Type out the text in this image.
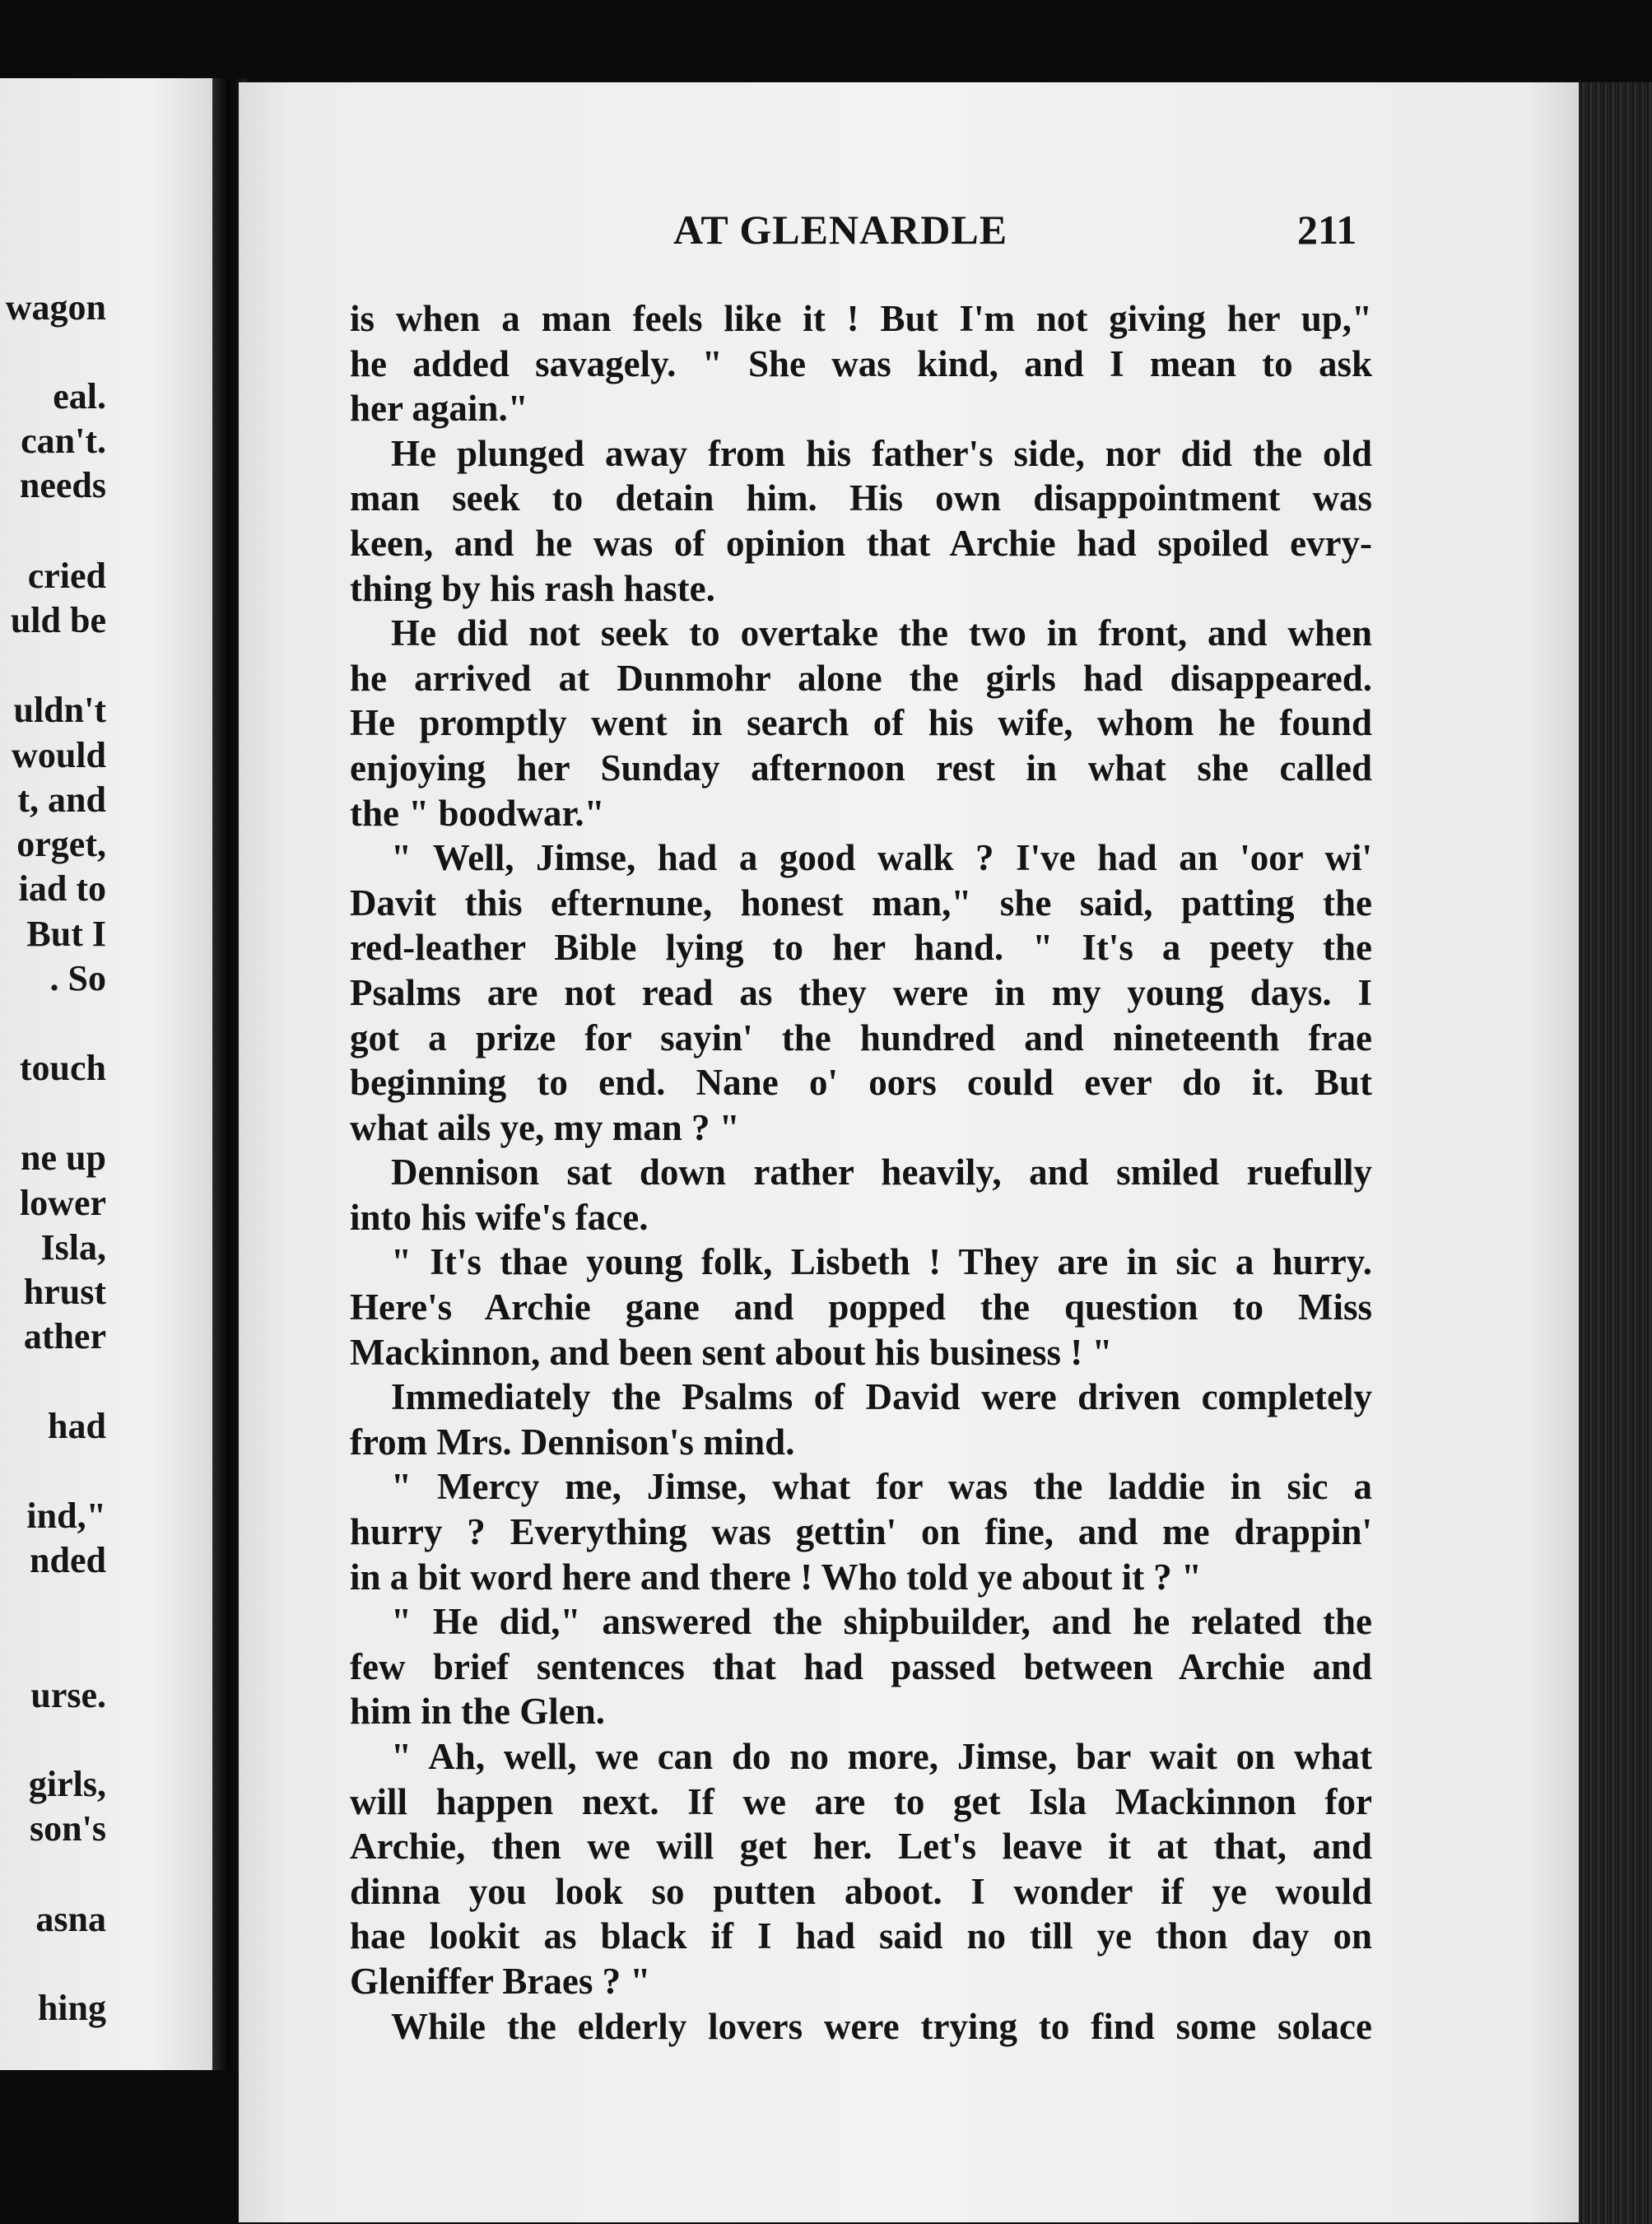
wagon
eal.
can't.
needs
cried
uld be
uldn't
would
t, and
orget,
iad to
But I
. So
touch
ne up
lower
Isla,
hrust
ather
had
ind,"
nded
urse.
girls,
son's
asna
hing
AT GLENARDLE	211
is when a man feels like it ! But I'm not giving her up,"
he added savagely. " She was kind, and I mean to ask
her again."
He plunged away from his father's side, nor did the old
man seek to detain him. His own disappointment was
keen, and he was of opinion that Archie had spoiled evry-
thing by his rash haste.
He did not seek to overtake the two in front, and when
he arrived at Dunmohr alone the girls had disappeared.
He promptly went in search of his wife, whom he found
enjoying her Sunday afternoon rest in what she called
the " boodwar."
" Well, Jimse, had a good walk ? I've had an 'oor wi'
Davit this efternune, honest man," she said, patting the
red-leather Bible lying to her hand. " It's a peety the
Psalms are not read as they were in my young days. I
got a prize for sayin' the hundred and nineteenth frae
beginning to end. Nane o' oors could ever do it. But
what ails ye, my man ? "
Dennison sat down rather heavily, and smiled ruefully
into his wife's face.
" It's thae young folk, Lisbeth ! They are in sic a hurry.
Here's Archie gane and popped the question to Miss
Mackinnon, and been sent about his business ! "
Immediately the Psalms of David were driven completely
from Mrs. Dennison's mind.
" Mercy me, Jimse, what for was the laddie in sic a
hurry ? Everything was gettin' on fine, and me drappin'
in a bit word here and there ! Who told ye about it ? "
" He did," answered the shipbuilder, and he related the
few brief sentences that had passed between Archie and
him in the Glen.
" Ah, well, we can do no more, Jimse, bar wait on what
will happen next. If we are to get Isla Mackinnon for
Archie, then we will get her. Let's leave it at that, and
dinna you look so putten aboot. I wonder if ye would
hae lookit as black if I had said no till ye thon day on
Gleniffer Braes ? "
While the elderly lovers were trying to find some solace
